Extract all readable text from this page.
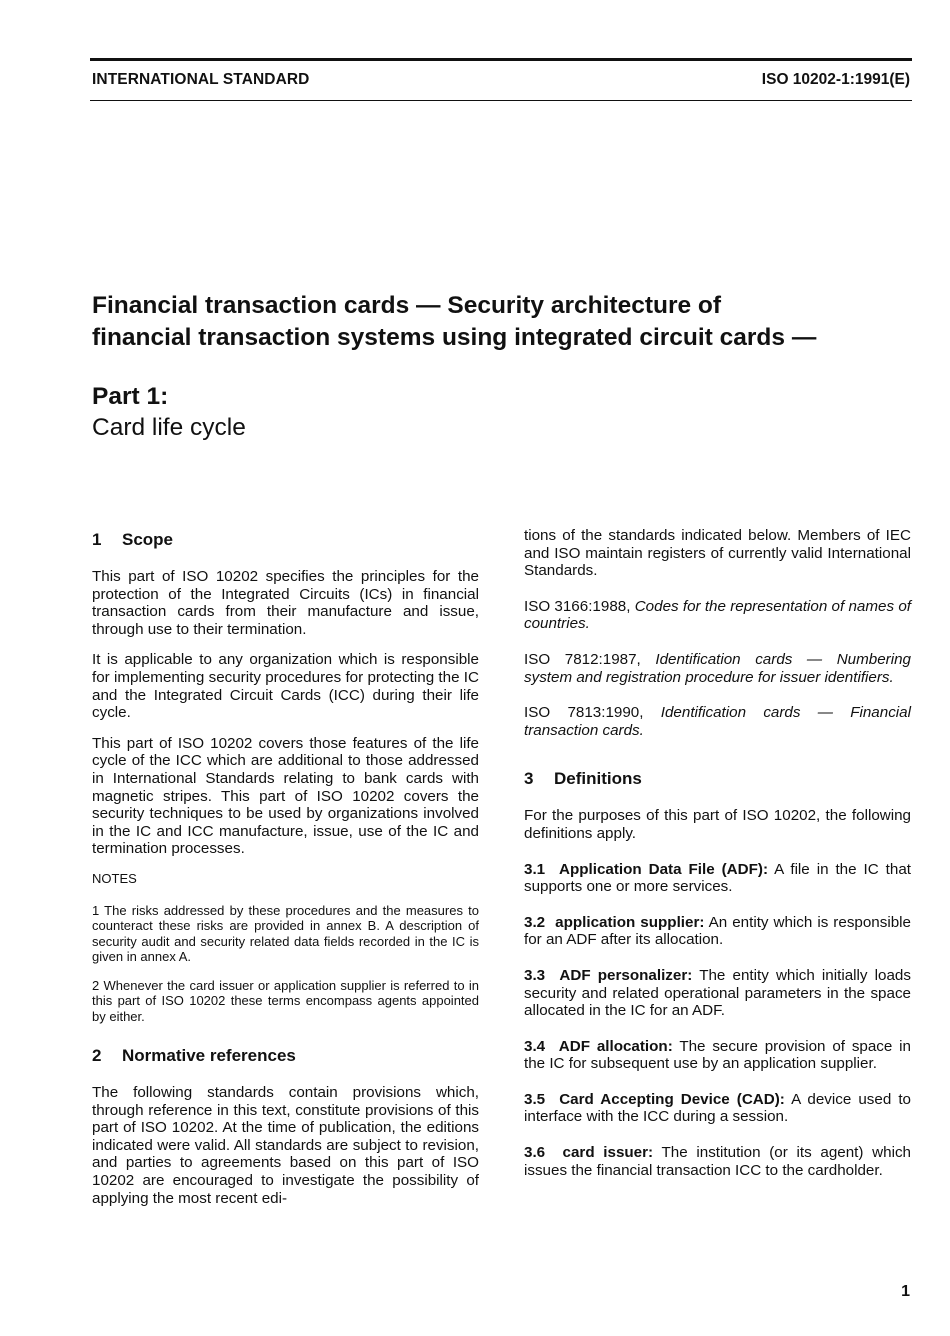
INTERNATIONAL STANDARD	ISO 10202-1:1991(E)
Financial transaction cards — Security architecture of
financial transaction systems using integrated circuit cards —
Part 1:
Card life cycle
1 Scope

This part of ISO 10202 specifies the principles for the protection of the Integrated Circuits (ICs) in financial transaction cards from their manufacture and issue, through use to their termination.

It is applicable to any organization which is responsible for implementing security procedures for protecting the IC and the Integrated Circuit Cards (ICC) during their life cycle.

This part of ISO 10202 covers those features of the life cycle of the ICC which are additional to those addressed in International Standards relating to bank cards with magnetic stripes. This part of ISO 10202 covers the security techniques to be used by organizations involved in the IC and ICC manufacture, issue, use of the IC and termination processes.

NOTES

1 The risks addressed by these procedures and the measures to counteract these risks are provided in annex B. A description of security audit and security related data fields recorded in the IC is given in annex A.

2 Whenever the card issuer or application supplier is referred to in this part of ISO 10202 these terms encompass agents appointed by either.

2 Normative references

The following standards contain provisions which, through reference in this text, constitute provisions of this part of ISO 10202. At the time of publication, the editions indicated were valid. All standards are subject to revision, and parties to agreements based on this part of ISO 10202 are encouraged to investigate the possibility of applying the most recent edi-

tions of the standards indicated below. Members of IEC and ISO maintain registers of currently valid International Standards.

ISO 3166:1988, Codes for the representation of names of countries.

ISO 7812:1987, Identification cards — Numbering system and registration procedure for issuer identifiers.

ISO 7813:1990, Identification cards — Financial transaction cards.

3 Definitions

For the purposes of this part of ISO 10202, the following definitions apply.

3.1 Application Data File (ADF): A file in the IC that supports one or more services.

3.2 application supplier: An entity which is responsible for an ADF after its allocation.

3.3 ADF personalizer: The entity which initially loads security and related operational parameters in the space allocated in the IC for an ADF.

3.4 ADF allocation: The secure provision of space in the IC for subsequent use by an application supplier.

3.5 Card Accepting Device (CAD): A device used to interface with the ICC during a session.

3.6 card issuer: The institution (or its agent) which issues the financial transaction ICC to the cardholder.

1
